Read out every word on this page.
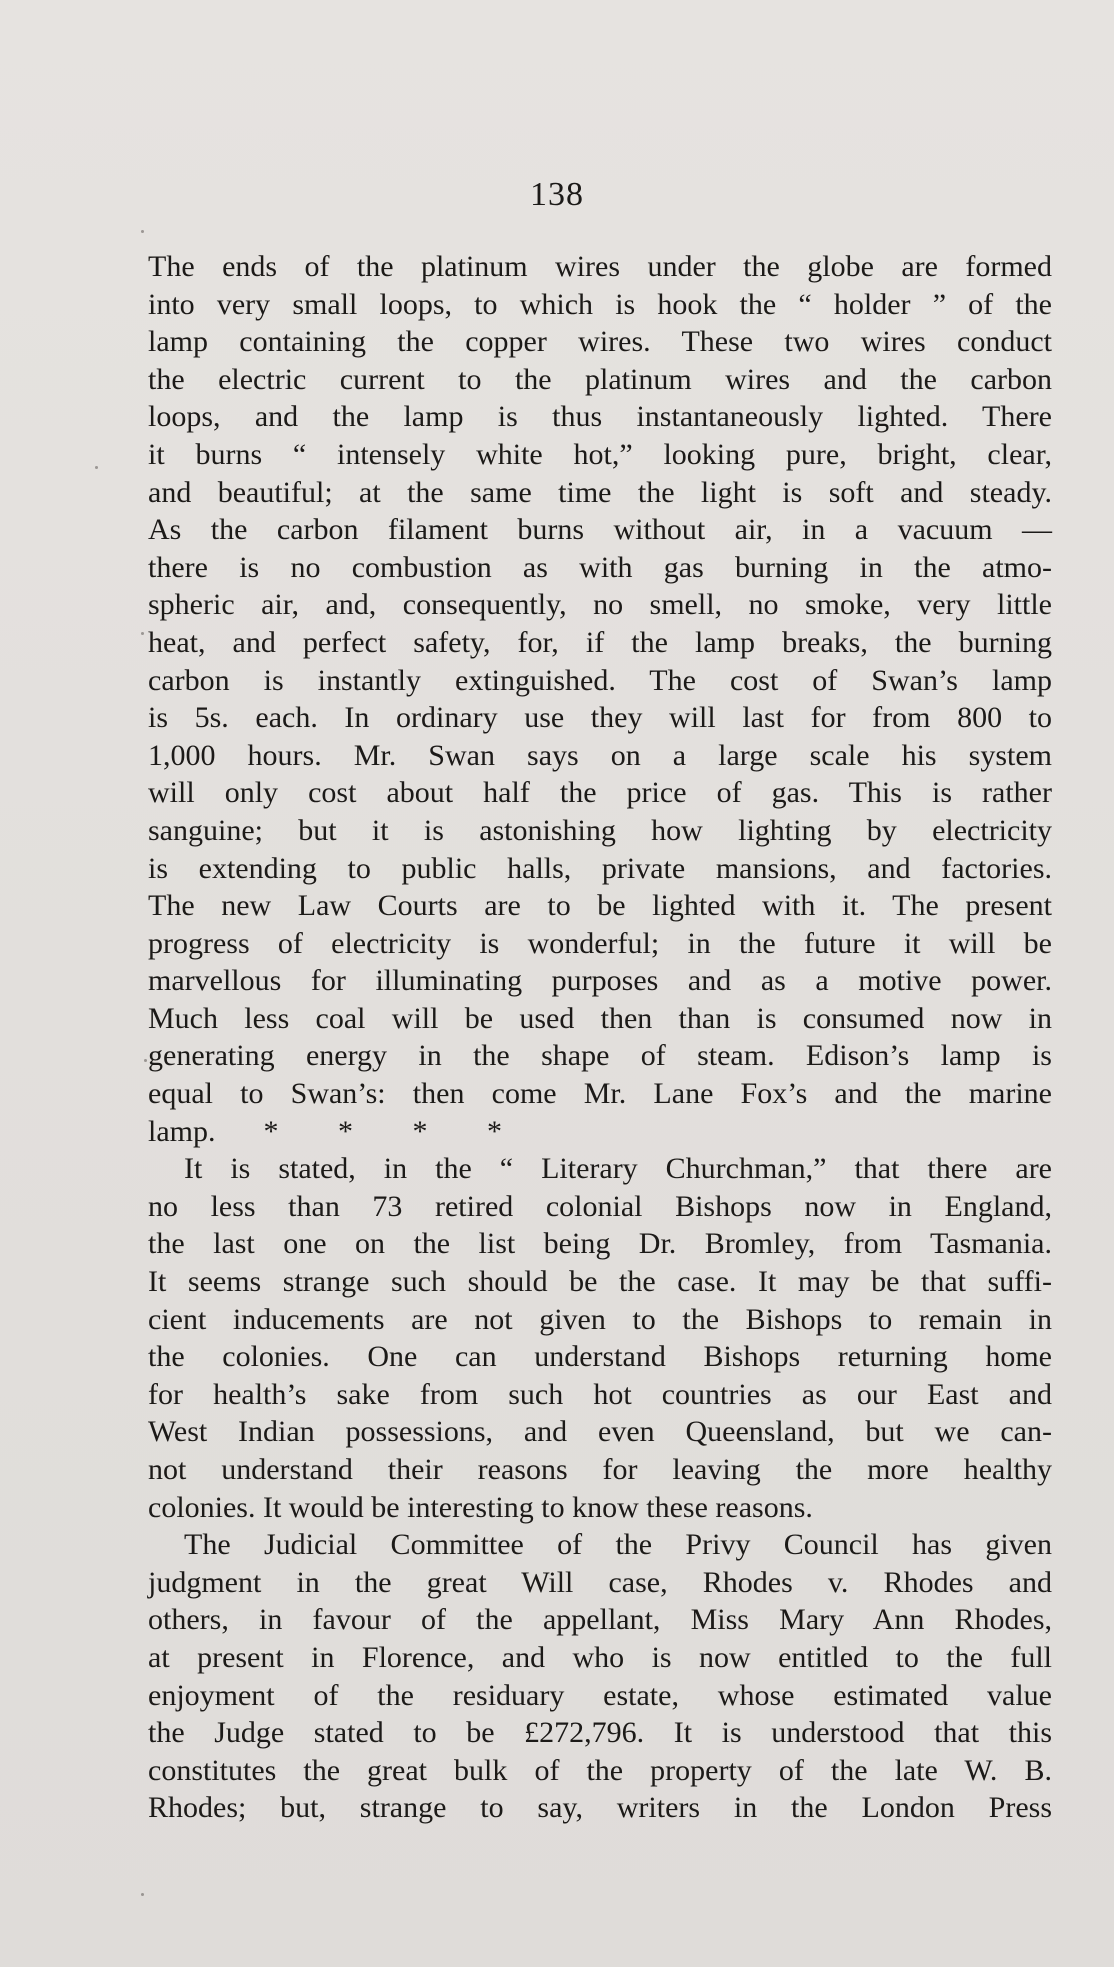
138
The ends of the platinum wires under the globe are formed
into very small loops, to which is hook the “ holder ” of the
lamp containing the copper wires. These two wires conduct
the electric current to the platinum wires and the carbon
loops, and the lamp is thus instantaneously lighted. There
it burns “ intensely white hot,” looking pure, bright, clear,
and beautiful; at the same time the light is soft and steady.
As the carbon filament burns without air, in a vacuum —
there is no combustion as with gas burning in the atmo-
spheric air, and, consequently, no smell, no smoke, very little
heat, and perfect safety, for, if the lamp breaks, the burning
carbon is instantly extinguished. The cost of Swan’s lamp
is 5s. each. In ordinary use they will last for from 800 to
1,000 hours. Mr. Swan says on a large scale his system
will only cost about half the price of gas. This is rather
sanguine; but it is astonishing how lighting by electricity
is extending to public halls, private mansions, and factories.
The new Law Courts are to be lighted with it. The present
progress of electricity is wonderful; in the future it will be
marvellous for illuminating purposes and as a motive power.
Much less coal will be used then than is consumed now in
generating energy in the shape of steam. Edison’s lamp is
equal to Swan’s: then come Mr. Lane Fox’s and the marine
lamp. * * * *
It is stated, in the “ Literary Churchman,” that there are
no less than 73 retired colonial Bishops now in England,
the last one on the list being Dr. Bromley, from Tasmania.
It seems strange such should be the case. It may be that suffi-
cient inducements are not given to the Bishops to remain in
the colonies. One can understand Bishops returning home
for health’s sake from such hot countries as our East and
West Indian possessions, and even Queensland, but we can-
not understand their reasons for leaving the more healthy
colonies. It would be interesting to know these reasons.
The Judicial Committee of the Privy Council has given
judgment in the great Will case, Rhodes v. Rhodes and
others, in favour of the appellant, Miss Mary Ann Rhodes,
at present in Florence, and who is now entitled to the full
enjoyment of the residuary estate, whose estimated value
the Judge stated to be £272,796. It is understood that this
constitutes the great bulk of the property of the late W. B.
Rhodes; but, strange to say, writers in the London Press
